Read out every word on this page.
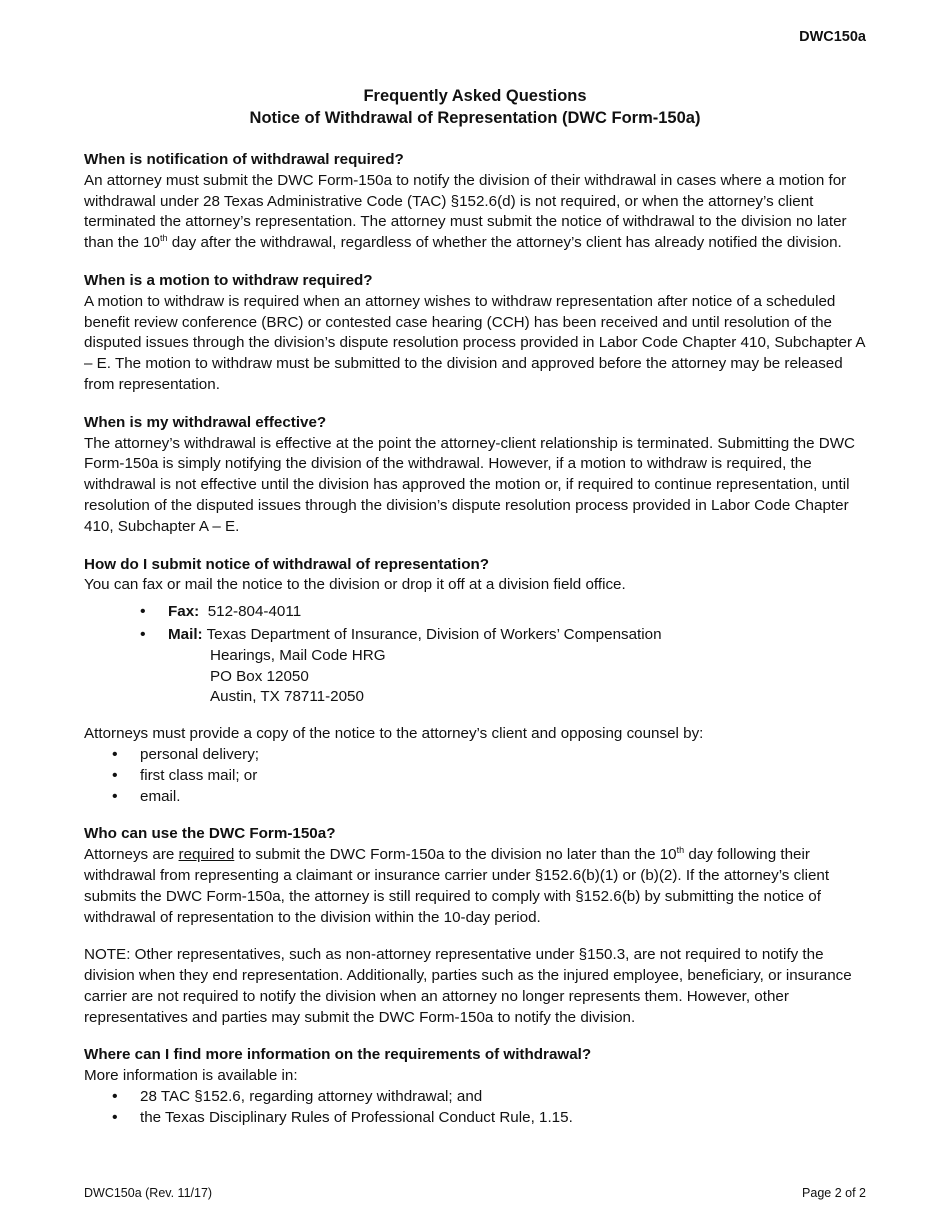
DWC150a
Frequently Asked Questions
Notice of Withdrawal of Representation (DWC Form-150a)

When is notification of withdrawal required?

An attorney must submit the DWC Form-150a to notify the division of their withdrawal in cases where a motion for withdrawal under 28 Texas Administrative Code (TAC) §152.6(d) is not required, or when the attorney’s client terminated the attorney’s representation. The attorney must submit the notice of withdrawal to the division no later than the 10th day after the withdrawal, regardless of whether the attorney’s client has already notified the division.

When is a motion to withdraw required?

A motion to withdraw is required when an attorney wishes to withdraw representation after notice of a scheduled benefit review conference (BRC) or contested case hearing (CCH) has been received and until resolution of the disputed issues through the division’s dispute resolution process provided in Labor Code Chapter 410, Subchapter A – E. The motion to withdraw must be submitted to the division and approved before the attorney may be released from representation.

When is my withdrawal effective?

The attorney’s withdrawal is effective at the point the attorney-client relationship is terminated. Submitting the DWC Form-150a is simply notifying the division of the withdrawal. However, if a motion to withdraw is required, the withdrawal is not effective until the division has approved the motion or, if required to continue representation, until resolution of the disputed issues through the division’s dispute resolution process provided in Labor Code Chapter 410, Subchapter A – E.

How do I submit notice of withdrawal of representation?

You can fax or mail the notice to the division or drop it off at a division field office.

• Fax: 512-804-4011
• Mail: Texas Department of Insurance, Division of Workers’ Compensation
Hearings, Mail Code HRG
PO Box 12050
Austin, TX 78711-2050

Attorneys must provide a copy of the notice to the attorney’s client and opposing counsel by:

• personal delivery;
• first class mail; or
• email.

Who can use the DWC Form-150a?

Attorneys are required to submit the DWC Form-150a to the division no later than the 10th day following their withdrawal from representing a claimant or insurance carrier under §152.6(b)(1) or (b)(2). If the attorney’s client submits the DWC Form-150a, the attorney is still required to comply with §152.6(b) by submitting the notice of withdrawal of representation to the division within the 10-day period.

NOTE: Other representatives, such as non-attorney representative under §150.3, are not required to notify the division when they end representation. Additionally, parties such as the injured employee, beneficiary, or insurance carrier are not required to notify the division when an attorney no longer represents them. However, other representatives and parties may submit the DWC Form-150a to notify the division.

Where can I find more information on the requirements of withdrawal?

More information is available in:

• 28 TAC §152.6, regarding attorney withdrawal; and
• the Texas Disciplinary Rules of Professional Conduct Rule, 1.15.
DWC150a (Rev. 11/17)	Page 2 of 2
